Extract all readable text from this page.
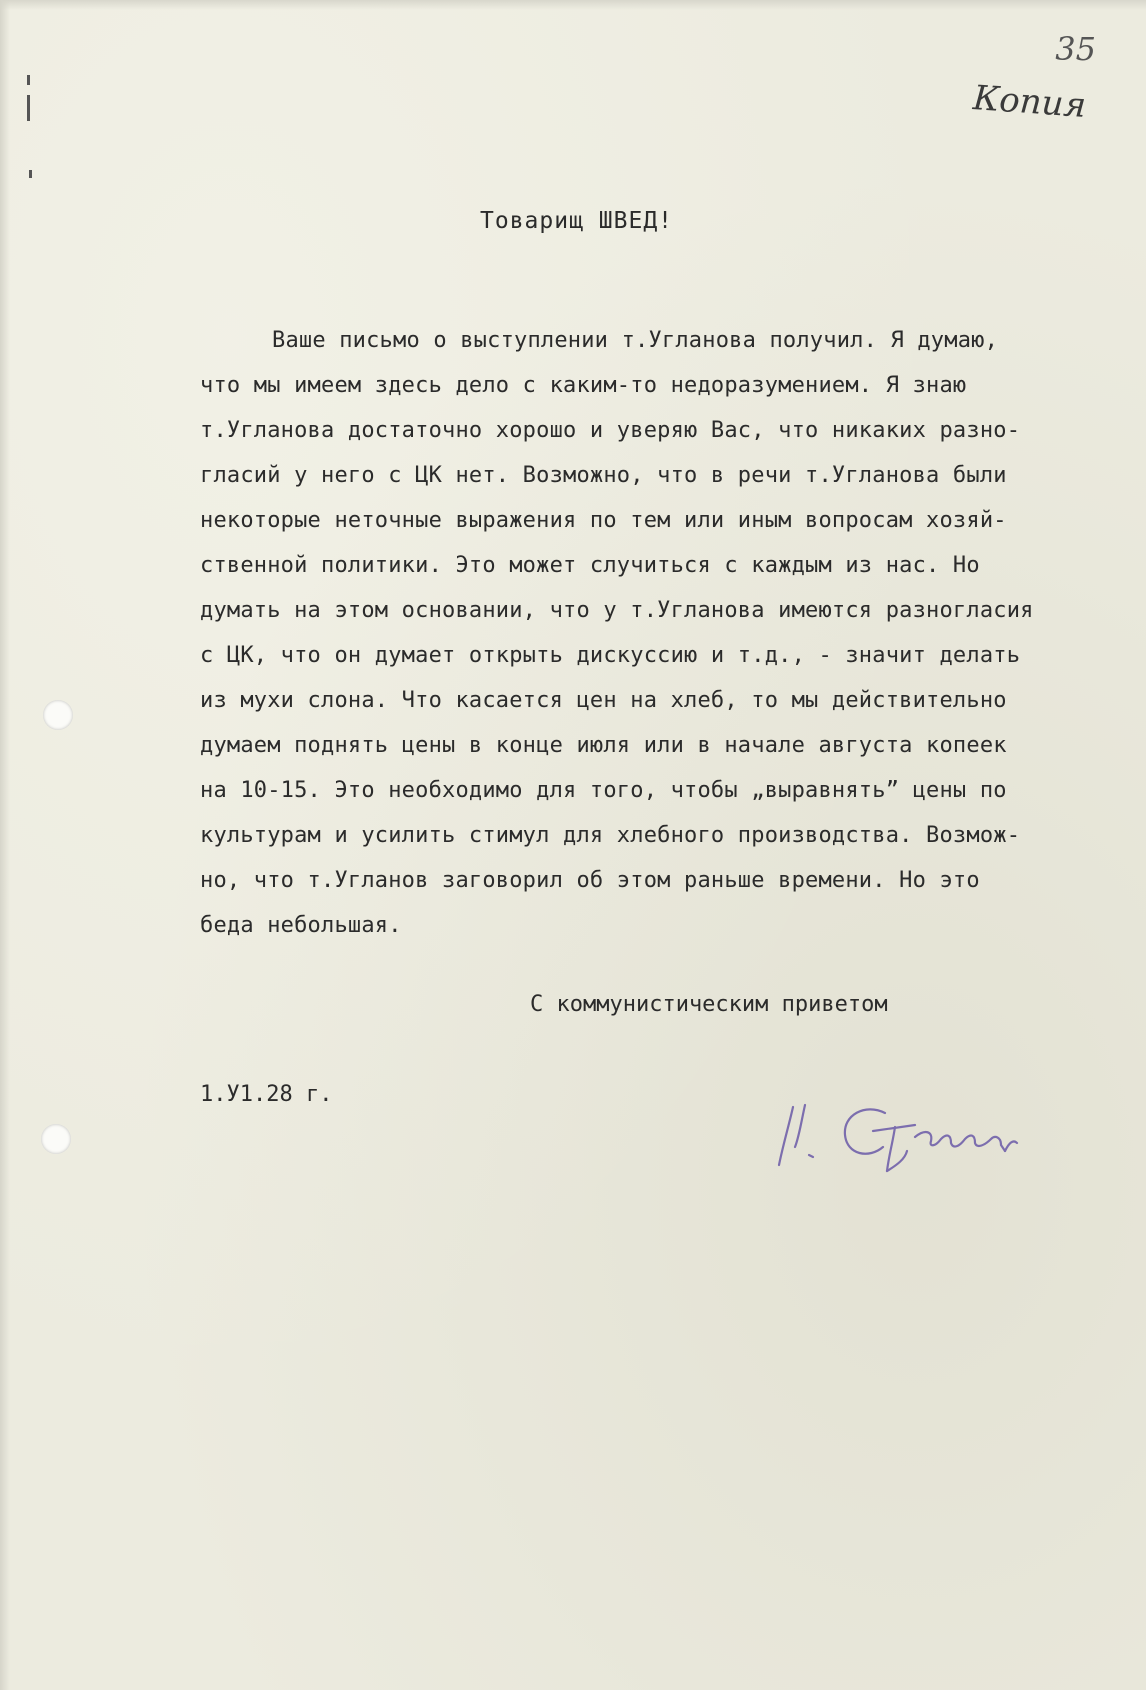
35

Копия

Товарищ ШВЕД!

Ваше письмо о выступлении т.Угланова получил. Я думаю,
что мы имеем здесь дело с каким-то недоразумением. Я знаю
т.Угланова достаточно хорошо и уверяю Вас, что никаких разно-
гласий у него с ЦК нет. Возможно, что в речи т.Угланова были
некоторые неточные выражения по тем или иным вопросам хозяй-
ственной политики. Это может случиться с каждым из нас. Но
думать на этом основании, что у т.Угланова имеются разногласия
с ЦК, что он думает открыть дискуссию и т.д., - значит делать
из мухи слона. Что касается цен на хлеб, то мы действительно
думаем поднять цены в конце июля или в начале августа копеек
на 10-15. Это необходимо для того, чтобы „выравнять” цены по
культурам и усилить стимул для хлебного производства. Возмож-
но, что т.Угланов заговорил об этом раньше времени. Но это
беда небольшая.

С коммунистическим приветом

1.У1.28 г.
